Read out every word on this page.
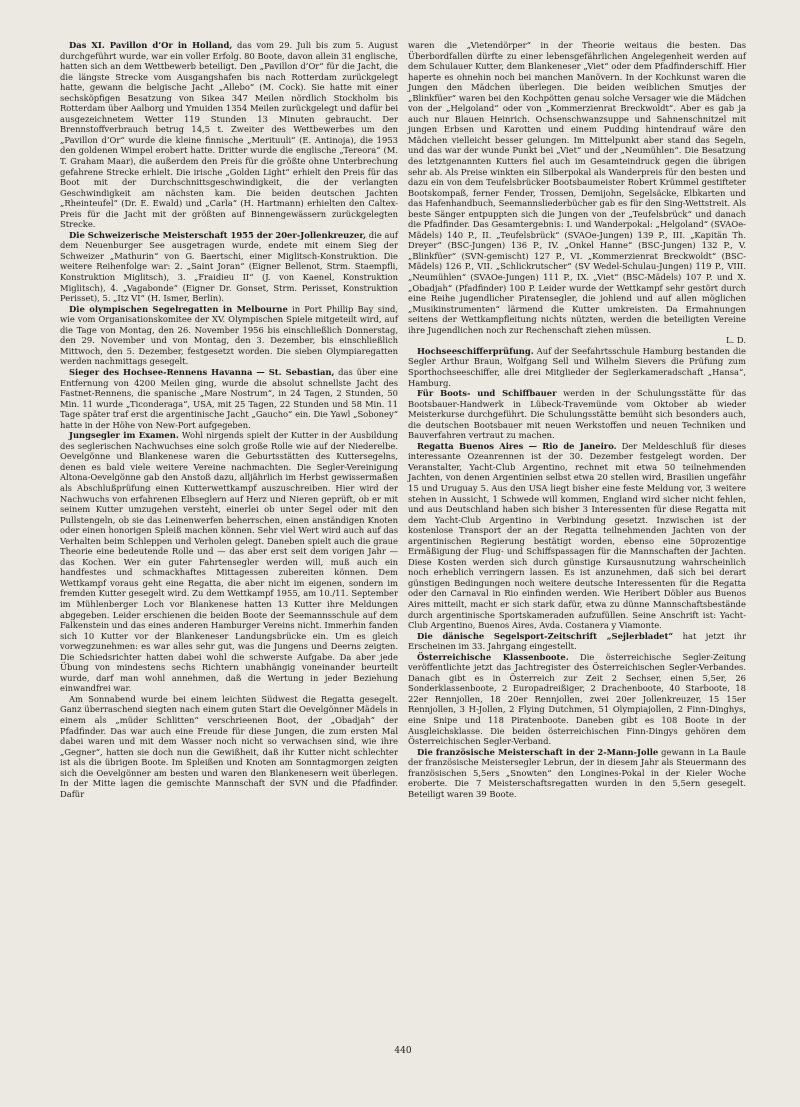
Das XI. Pavillon d’Or in Holland, das vom 29. Juli bis zum 5. August durchgeführt wurde, war ein voller Erfolg. 80 Boote, davon allein 31 englische, hatten sich an dem Wettbewerb beteiligt. Den „Pavillon d’Or“ für die Jacht, die die längste Strecke vom Ausgangshafen bis nach Rotterdam zurückgelegt hatte, gewann die belgische Jacht „Allebo“ (M. Cock). Sie hatte mit einer sechsköpfigen Besatzung von Sikea 347 Meilen nördlich Stockholm bis Rotterdam über Aalborg und Ymuiden 1354 Meilen zurückgelegt und dafür bei ausgezeichnetem Wetter 119 Stunden 13 Minuten gebraucht. Der Brennstoffverbrauch betrug 14,5 t. Zweiter des Wettbewerbes um den „Pavillon d’Or“ wurde die kleine finnische „Merituuli“ (E. Antinoja), die 1953 den goldenen Wimpel erobert hatte. Dritter wurde die englische „Tereora“ (M. T. Graham Maar), die außerdem den Preis für die größte ohne Unterbrechung gefahrene Strecke erhielt. Die irische „Golden Light“ erhielt den Preis für das Boot mit der Durchschnittsgeschwindigkeit, die der verlangten Geschwindigkeit am nächsten kam. Die beiden deutschen Jachten „Rheinteufel“ (Dr. E. Ewald) und „Carla“ (H. Hartmann) erhielten den Caltex-Preis für die Jacht mit der größten auf Binnengewässern zurückgelegten Strecke.

Die Schweizerische Meisterschaft 1955 der 20er-Jollenkreuzer, die auf dem Neuenburger See ausgetragen wurde, endete mit einem Sieg der Schweizer „Mathurin“ von G. Baertschi, einer Miglitsch-Konstruktion. Die weitere Reihenfolge war: 2. „Saint Joran“ (Eigner Bellenot, Strm. Staempfli, Konstruktion Miglitsch), 3. „Fraidieu II“ (J. von Kaenel, Konstruktion Miglitsch), 4. „Vagabonde“ (Eigner Dr. Gonset, Strm. Perisset, Konstruktion Perisset), 5. „Itz VI“ (H. Ismer, Berlin).

Die olympischen Segelregatten in Melbourne in Port Phillip Bay sind, wie vom Organisationskomitee der XV. Olympischen Spiele mitgeteilt wird, auf die Tage von Montag, den 26. November 1956 bis einschließlich Donnerstag, den 29. November und von Montag, den 3. Dezember, bis einschließlich Mittwoch, den 5. Dezember, festgesetzt worden. Die sieben Olympiaregatten werden nachmittags gesegelt.

Sieger des Hochsee-Rennens Havanna — St. Sebastian, das über eine Entfernung von 4200 Meilen ging, wurde die absolut schnellste Jacht des Fastnet-Rennens, die spanische „Mare Nostrum“, in 24 Tagen, 2 Stunden, 50 Min. 11 wurde „Ticonderaga“, USA, mit 25 Tagen, 22 Stunden und 58 Min. 11 Tage später traf erst die argentinische Jacht „Gaucho“ ein. Die Yawl „Soboney“ hatte in der Höhe von New-Port aufgegeben.

Jungsegler im Examen. Wohl nirgends spielt der Kutter in der Ausbildung des seglerischen Nachwuchses eine solch große Rolle wie auf der Niederelbe. Oevelgönne und Blankenese waren die Geburtsstätten des Kuttersegelns, denen es bald viele weitere Vereine nachmachten. Die Segler-Vereinigung Altona-Oevelgönne gab den Anstoß dazu, alljährlich im Herbst gewissermaßen als Abschlußprüfung einen Kutterwettkampf auszuschreiben. Hier wird der Nachwuchs von erfahrenen Elbseglern auf Herz und Nieren geprüft, ob er mit seinem Kutter umzugehen versteht, einerlei ob unter Segel oder mit den Pullstengeln, ob sie das Leinenwerfen beherrschen, einen anständigen Knoten oder einen honorigen Spleiß machen können. Sehr viel Wert wird auch auf das Verhalten beim Schleppen und Verholen gelegt. Daneben spielt auch die graue Theorie eine bedeutende Rolle und — das aber erst seit dem vorigen Jahr — das Kochen. Wer ein guter Fahrtensegler werden will, muß auch ein handfestes und schmackhaftes Mittagessen zubereiten können. Dem Wettkampf voraus geht eine Regatta, die aber nicht im eigenen, sondern im fremden Kutter gesegelt wird. Zu dem Wettkampf 1955, am 10./11. September im Mühlenberger Loch vor Blankenese hatten 13 Kutter ihre Meldungen abgegeben. Leider erschienen die beiden Boote der Seemannsschule auf dem Falkenstein und das eines anderen Hamburger Vereins nicht. Immerhin fanden sich 10 Kutter vor der Blankeneser Landungsbrücke ein. Um es gleich vorwegzunehmen: es war alles sehr gut, was die Jungens und Deerns zeigten. Die Schiedsrichter hatten dabei wohl die schwerste Aufgabe. Da aber jede Übung von mindestens sechs Richtern unabhängig voneinander beurteilt wurde, darf man wohl annehmen, daß die Wertung in jeder Beziehung einwandfrei war.

Am Sonnabend wurde bei einem leichten Südwest die Regatta gesegelt. Ganz überraschend siegten nach einem guten Start die Oevelgönner Mädels in einem als „müder Schlitten“ verschrieenen Boot, der „Obadjah“ der Pfadfinder. Das war auch eine Freude für diese Jungen, die zum ersten Mal dabei waren und mit dem Wasser noch nicht so verwachsen sind, wie ihre „Gegner“, hatten sie doch nun die Gewißheit, daß ihr Kutter nicht schlechter ist als die übrigen Boote. Im Spleißen und Knoten am Sonntagmorgen zeigten sich die Oevelgönner am besten und waren den Blankenesern weit überlegen. In der Mitte lagen die gemischte Mannschaft der SVN und die Pfadfinder. Dafür

waren die „Vietendörper“ in der Theorie weitaus die besten. Das Überbordfallen dürfte zu einer lebensgefährlichen Angelegenheit werden auf dem Schulauer Kutter, dem Blankeneser „Viet“ oder dem Pfadfinderschiff. Hier haperte es ohnehin noch bei manchen Manövern. In der Kochkunst waren die Jungen den Mädchen überlegen. Die beiden weiblichen Smutjes der „Blinkfüer“ waren bei den Kochpötten genau solche Versager wie die Mädchen von der „Helgoland“ oder von „Kommerzienrat Breckwoldt“. Aber es gab ja auch nur Blauen Heinrich. Ochsenschwanzsuppe und Sahnenschnitzel mit jungen Erbsen und Karotten und einem Pudding hintendrauf wäre den Mädchen vielleicht besser gelungen. Im Mittelpunkt aber stand das Segeln, und das war der wunde Punkt bei „Viet“ und der „Neumühlen“. Die Besatzung des letztgenannten Kutters fiel auch im Gesamteindruck gegen die übrigen sehr ab. Als Preise winkten ein Silberpokal als Wanderpreis für den besten und dazu ein von dem Teufelsbrücker Bootsbaumeister Robert Krümmel gestifteter Bootskompaß, ferner Fender, Trossen, Demijohn, Segelsäcke, Elbkarten und das Hafenhandbuch, Seemannsliederbücher gab es für den Sing-Wettstreit. Als beste Sänger entpuppten sich die Jungen von der „Teufelsbrück“ und danach die Pfadfinder. Das Gesamtergebnis: I. und Wanderpokal: „Helgoland“ (SVAOe-Mädels) 140 P., II. „Teufelsbrück“ (SVAOe-Jungen) 139 P., III. „Kapitän Th. Dreyer“ (BSC-Jungen) 136 P., IV. „Onkel Hanne“ (BSC-Jungen) 132 P., V. „Blinkfüer“ (SVN-gemischt) 127 P., VI. „Kommerzienrat Breckwoldt“ (BSC-Mädels) 126 P., VII. „Schlickrutscher“ (SV Wedel-Schulau-Jungen) 119 P., VIII. „Neumühlen“ (SVAOe-Jungen) 111 P., IX. „Viet“ (BSC-Mädels) 107 P. und X. „Obadjah“ (Pfadfinder) 100 P. Leider wurde der Wettkampf sehr gestört durch eine Reihe jugendlicher Piratensegler, die johlend und auf allen möglichen „Musikinstrumenten“ lärmend die Kutter umkreisten. Da Ermahnungen seitens der Wettkampfleitung nichts nützten, werden die beteiligten Vereine ihre Jugendlichen noch zur Rechenschaft ziehen müssen.

L. D.

Hochseeschifferprüfung. Auf der Seefahrtsschule Hamburg bestanden die Segler Arthur Braun, Wolfgang Sell und Wilhelm Sievers die Prüfung zum Sporthochseeschiffer, alle drei Mitglieder der Seglerkameradschaft „Hansa“, Hamburg.

Für Boots- und Schiffbauer werden in der Schulungsstätte für das Bootsbauer-Handwerk in Lübeck-Travemünde vom Oktober ab wieder Meisterkurse durchgeführt. Die Schulungsstätte bemüht sich besonders auch, die deutschen Bootsbauer mit neuen Werkstoffen und neuen Techniken und Bauverfahren vertraut zu machen.

Regatta Buenos Aires — Rio de Janeiro. Der Meldeschluß für dieses interessante Ozeanrennen ist der 30. Dezember festgelegt worden. Der Veranstalter, Yacht-Club Argentino, rechnet mit etwa 50 teilnehmenden Jachten, von denen Argentinien selbst etwa 20 stellen wird, Brasilien ungefähr 15 und Uruguay 5. Aus den USA liegt bisher eine feste Meldung vor, 3 weitere stehen in Aussicht, 1 Schwede will kommen, England wird sicher nicht fehlen, und aus Deutschland haben sich bisher 3 Interessenten für diese Regatta mit dem Yacht-Club Argentino in Verbindung gesetzt. Inzwischen ist der kostenlose Transport der an der Regatta teilnehmenden Jachten von der argentinischen Regierung bestätigt worden, ebenso eine 50prozentige Ermäßigung der Flug- und Schiffspassagen für die Mannschaften der Jachten. Diese Kosten werden sich durch günstige Kursausnutzung wahrscheinlich noch erheblich verringern lassen. Es ist anzunehmen, daß sich bei derart günstigen Bedingungen noch weitere deutsche Interessenten für die Regatta oder den Carnaval in Rio einfinden werden. Wie Heribert Döbler aus Buenos Aires mitteilt, macht er sich stark dafür, etwa zu dünne Mannschaftsbestände durch argentinische Sportskameraden aufzufüllen. Seine Anschrift ist: Yacht-Club Argentino, Buenos Aires, Avda. Costanera y Viamonte.

Die dänische Segelsport-Zeitschrift „Sejlerbladet“ hat jetzt ihr Erscheinen im 33. Jahrgang eingestellt.

Österreichische Klassenboote. Die österreichische Segler-Zeitung veröffentlichte jetzt das Jachtregister des Österreichischen Segler-Verbandes. Danach gibt es in Österreich zur Zeit 2 Sechser, einen 5,5er, 26 Sonderklassenboote, 2 Europadreißiger, 2 Drachenboote, 40 Starboote, 18 22er Rennjollen, 18 20er Rennjollen, zwei 20er Jollenkreuzer, 15 15er Rennjollen, 3 H-Jollen, 2 Flying Dutchmen, 51 Olympiajollen, 2 Finn-Dinghys, eine Snipe und 118 Piratenboote. Daneben gibt es 108 Boote in der Ausgleichsklasse. Die beiden österreichischen Finn-Dingys gehören dem Österreichischen Segler-Verband.

Die französische Meisterschaft in der 2-Mann-Jolle gewann in La Baule der französische Meistersegler Lebrun, der in diesem Jahr als Steuermann des französischen 5,5ers „Snowten“ den Longines-Pokal in der Kieler Woche eroberte. Die 7 Meisterschaftsregatten wurden in den 5,5ern gesegelt. Beteiligt waren 39 Boote.

440
